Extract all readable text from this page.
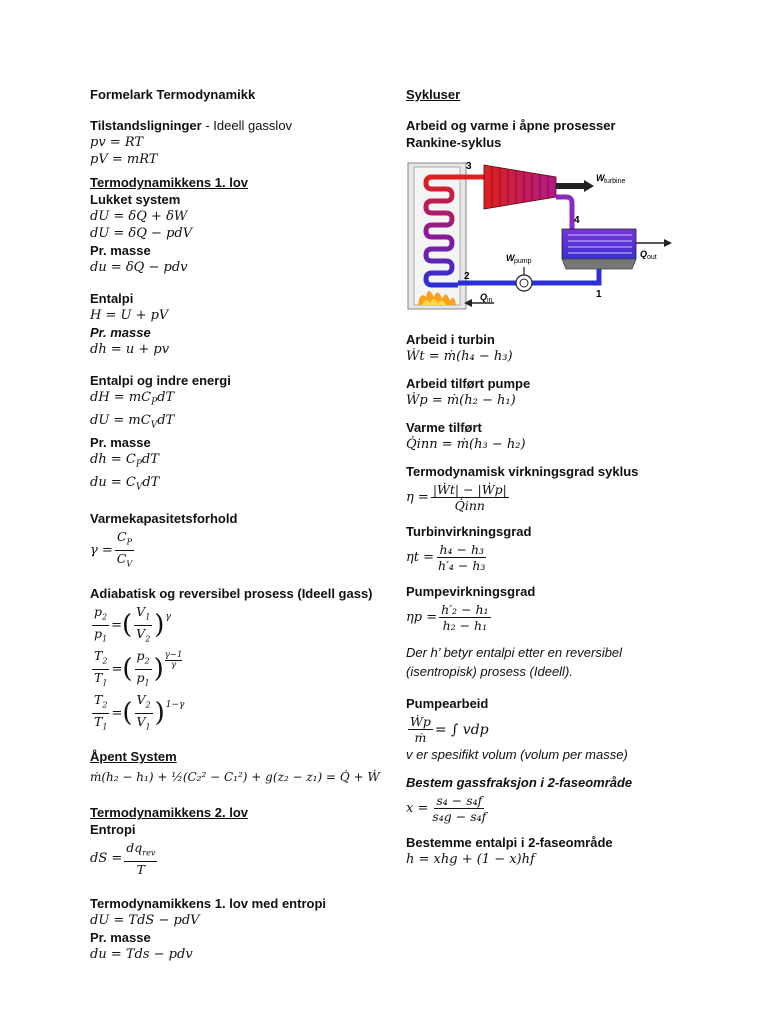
Formelark Termodynamikk
Tilstandsligninger - Ideell gasslov
pv = RT
pV = mRT
Termodynamikkens 1. lov
Lukket system
dU = δQ + δW
dU = δQ − pdV
Pr. masse
du = δQ − pdv
Entalpi
H = U + pV
Pr. masse
dh = u + pv
Entalpi og indre energi
dH = $mC_PdT$
dU = $mC_VdT$
Pr. masse
dh = $C_PdT$
du = $C_VdT$
Varmekapasitetsforhold
$\gamma = \frac{C_P}{C_V}$
Adiabatisk og reversibel prosess (Ideell gass)
$\frac{p_2}{p_1}$ = ( $\frac{V_1}{V_2}$ ) γ
$\frac{T_2}{T_1}$ = ( $\frac{p_2}{p_1}$ ) γ−1
γ
$\frac{T_2}{T_1}$ = ( $\frac{V_2}{V_1}$ ) 1−γ
Åpent System
ṁ(h₂ − h₁) + ½(C₂² − C₁²) + g(z₂ − z₁) = Q̇ + Ẇ
Termodynamikkens 2. lov
Entropi
dS = $\frac{dq_{rev}}{T}$
Termodynamikkens 1. lov med entropi
dU = TdS − pdV
Pr. masse
du = Tds − pdv
Sykluser
Arbeid og varme i åpne prosesser
Rankine-syklus
W turbine
Q out
W pump
Q in
3
4
2
1
Arbeid i turbin
Ẇt = ṁ(h₄ − h₃)
Arbeid tilført pumpe
Ẇp = ṁ(h₂ − h₁)
Varme tilført
Q̇inn = ṁ(h₃ − h₂)
Termodynamisk virkningsgrad syklus
$\eta = \frac{\text{|Ẇt| − |Ẇp|}}{\text{Q̇inn}}$
Turbinvirkningsgrad
$\eta t = \frac{\text{h₄ − h₃}}{\text{h′₄ − h₃}}$
Pumpevirkningsgrad
$\eta p = \frac{\text{h′₂ − h₁}}{\text{h₂ − h₁}}$
Der h’ betyr entalpi etter en reversibel (isentropisk) prosess (Ideell).
Pumpearbeid
$\frac{\text{Ẇp}}{\text{ṁ}}$ = ∫ vdp
v er spesifikt volum (volum per masse)
Bestem gassfraksjon i 2-faseområde
$x = \frac{\text{s₄ − s₄f}}{\text{s₄g − s₄f}}$
Bestemme entalpi i 2-faseområde
h = xhg + (1 − x)hf
